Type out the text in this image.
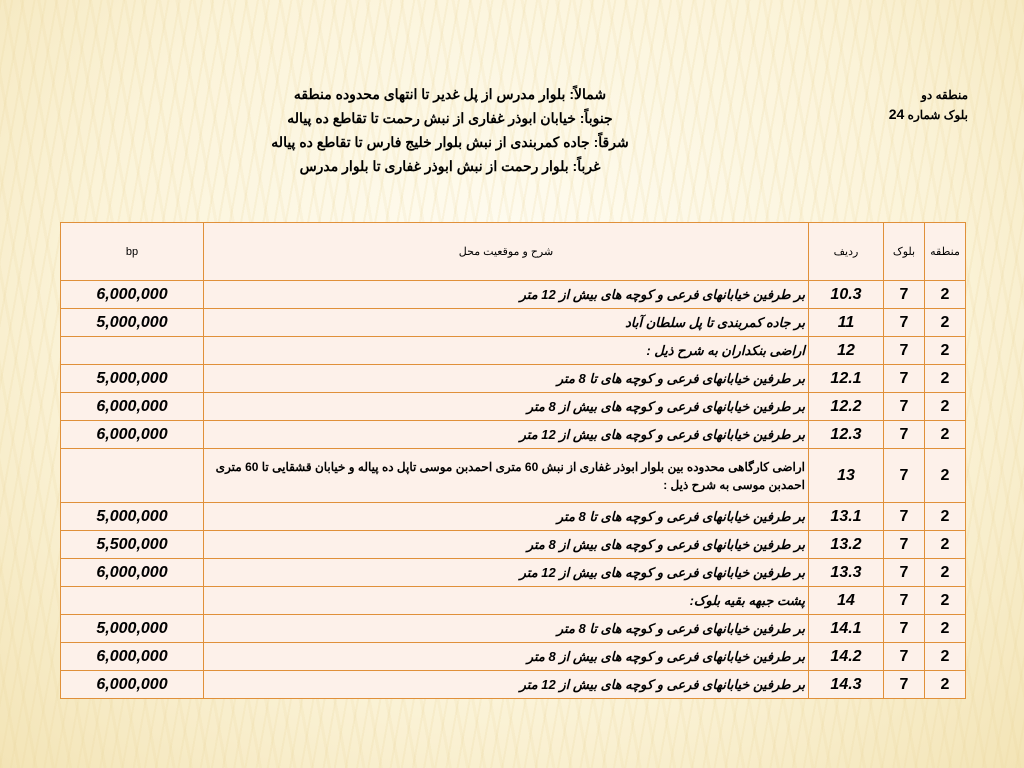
منطقه دو
بلوک شماره 24
شمالاً: بلوار مدرس از پل غدیر تا انتهای محدوده منطقه
جنوباً: خیابان ابوذر غفاری از نبش رحمت تا تقاطع ده پیاله
شرقاً: جاده کمربندی از نبش بلوار خلیج فارس تا تقاطع ده پیاله
غرباً: بلوار رحمت از نبش ابوذر غفاری تا بلوار مدرس
منطقه	بلوک	ردیف	شرح و موقعیت محل	bp
2	7	10.3	بر طرفین خیابانهای فرعی و کوچه های بیش از 12 متر	6,000,000
2	7	11	بر جاده کمربندی تا پل سلطان آباد	5,000,000
2	7	12	اراضی بنکداران به شرح ذیل :	
2	7	12.1	بر طرفین خیابانهای فرعی و کوچه های تا 8 متر	5,000,000
2	7	12.2	بر طرفین خیابانهای فرعی و کوچه های بیش از 8 متر	6,000,000
2	7	12.3	بر طرفین خیابانهای فرعی و کوچه های بیش از 12 متر	6,000,000
2	7	13	اراضی کارگاهی محدوده بین بلوار ابوذر غفاری از نبش 60 متری احمدبن موسی تاپل ده پیاله و خیابان قشقایی تا 60 متری احمدبن موسی به شرح ذیل :	
2	7	13.1	بر طرفین خیابانهای فرعی و کوچه های تا 8 متر	5,000,000
2	7	13.2	بر طرفین خیابانهای فرعی و کوچه های بیش از 8 متر	5,500,000
2	7	13.3	بر طرفین خیابانهای فرعی و کوچه های بیش از 12 متر	6,000,000
2	7	14	پشت جبهه بقیه بلوک:	
2	7	14.1	بر طرفین خیابانهای فرعی و کوچه های تا 8 متر	5,000,000
2	7	14.2	بر طرفین خیابانهای فرعی و کوچه های بیش از 8 متر	6,000,000
2	7	14.3	بر طرفین خیابانهای فرعی و کوچه های بیش از 12 متر	6,000,000
